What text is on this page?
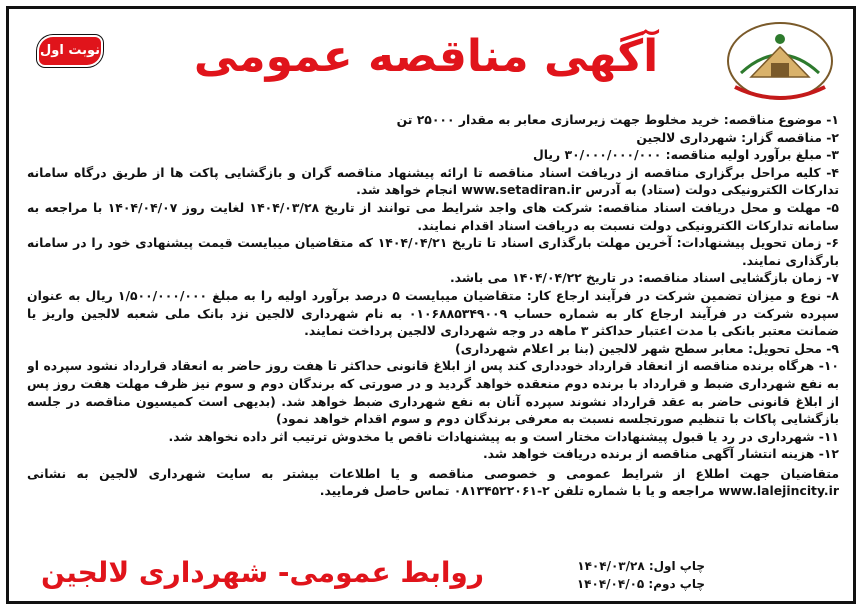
نوبت اول	آگهی مناقصه عمومی

۱- موضوع مناقصه: خرید مخلوط جهت زیرسازی معابر به مقدار ۲۵۰۰۰ تن

۲- مناقصه گزار: شهرداری لالجین

۳- مبلغ برآورد اولیه مناقصه: ۳۰/۰۰۰/۰۰۰/۰۰۰ ریال

۴- کلیه مراحل برگزاری مناقصه از دریافت اسناد مناقصه تا ارائه پیشنهاد مناقصه گران و بازگشایی پاکت ها از طریق درگاه سامانه تدارکات الکترونیکی دولت (ستاد) به آدرس www.setadiran.ir انجام خواهد شد.

۵- مهلت و محل دریافت اسناد مناقصه: شرکت های واجد شرایط می توانند از تاریخ ۱۴۰۴/۰۳/۲۸ لغایت روز ۱۴۰۴/۰۴/۰۷ با مراجعه به سامانه تدارکات الکترونیکی دولت نسبت به دریافت اسناد اقدام نمایند.

۶- زمان تحویل پیشنهادات: آخرین مهلت بارگذاری اسناد تا تاریخ ۱۴۰۴/۰۴/۲۱ که متقاضیان میبایست قیمت پیشنهادی خود را در سامانه بارگذاری نمایند.

۷- زمان بازگشایی اسناد مناقصه: در تاریخ ۱۴۰۴/۰۴/۲۲ می باشد.

۸- نوع و میزان تضمین شرکت در فرآیند ارجاع کار: متقاضیان میبایست ۵ درصد برآورد اولیه را به مبلغ ۱/۵۰۰/۰۰۰/۰۰۰ ریال به عنوان سپرده شرکت در فرآیند ارجاع کار به شماره حساب ۰۱۰۶۸۸۵۳۴۹۰۰۹ به نام شهرداری لالجین نزد بانک ملی شعبه لالجین واریز یا ضمانت معتبر بانکی با مدت اعتبار حداکثر ۳ ماهه در وجه شهرداری لالجین پرداخت نمایند.

۹- محل تحویل: معابر سطح شهر لالجین (بنا بر اعلام شهرداری)

۱۰- هرگاه برنده مناقصه از انعقاد قرارداد خودداری کند پس از ابلاغ قانونی حداکثر تا هفت روز حاضر به انعقاد قرارداد نشود سپرده او به نفع شهرداری ضبط و قرارداد با برنده دوم منعقده خواهد گردید و در صورتی که برندگان دوم و سوم نیز ظرف مهلت هفت روز پس از ابلاغ قانونی حاضر به عقد قرارداد نشوند سپرده آنان به نفع شهرداری ضبط خواهد شد. (بدیهی است کمیسیون مناقصه در جلسه بازگشایی پاکات با تنظیم صورتجلسه نسبت به معرفی برندگان دوم و سوم اقدام خواهد نمود)

۱۱- شهرداری در رد یا قبول پیشنهادات مختار است و به پیشنهادات ناقص یا مخدوش ترتیب اثر داده نخواهد شد.

۱۲- هزینه انتشار آگهی مناقصه از برنده دریافت خواهد شد.

متقاضیان جهت اطلاع از شرایط عمومی و خصوصی مناقصه و یا اطلاعات بیشتر به سایت شهرداری لالجین به نشانی www.lalejincity.ir مراجعه و یا با شماره تلفن ۲-۰۸۱۳۴۵۲۲۰۶۱ تماس حاصل فرمایید.

روابط عمومی- شهرداری لالجین	چاپ اول: ۱۴۰۴/۰۳/۲۸
چاپ دوم: ۱۴۰۴/۰۴/۰۵
